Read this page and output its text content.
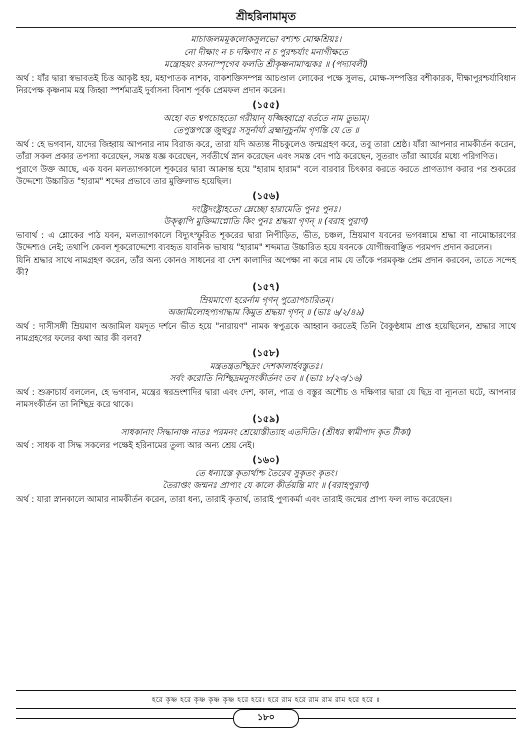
শ্রীহরিনামামৃত

মাচাজলমমূকলোকসুলভো বশ্যশ্চ মোক্ষশ্রিয়ঃ।

নো দীক্ষাং ন চ দক্ষিণাং ন চ পুরশ্চর্যাং মনাগীক্ষতে

মন্ত্রোহয়ং রসনাস্পৃগেব ফলতি শ্রীকৃষ্ণনামাত্মকঃ ॥ (পদ্যাবলী)

অর্থ : যাঁর দ্বারা স্বভাবতই চিত্ত আকৃষ্ট হয়, মহাপাতক নাশক, বাকশক্তিসম্পন্ন আচণ্ডাল লোকের পক্ষে সুলভ, মোক্ষ-সম্পত্তির বশীকারক, দীক্ষাপুরশ্চর্যাবিধান নিরপেক্ষ কৃষ্ণনাম মন্ত্র জিহ্বা স্পর্শমাত্রই দুর্বাসনা বিনাশ পূর্বক প্রেমফল প্রদান করেন।

(১৫৫)

অহো বত শ্বপচোহতো গরীয়ান্ যজ্জিহ্বাগ্রে বর্ততে নাম তুভ্যম্।

তেপুস্তপস্তে জুহুবুঃ সসুর্নার্যা ব্রহ্মানূচুর্নাম গৃণন্তি যে তে ॥

অর্থ : হে ভগবান, যাদের জিহ্বায় আপনার নাম বিরাজ করে, তারা যদি অত্যন্ত নীচকুলেও জন্মগ্রহণ করে, তবু তারা শ্রেষ্ঠ। যাঁরা আপনার নামকীর্তন করেন, তাঁরা সকল প্রকার তপস্যা করেছেন, সমস্ত যজ্ঞ করেছেন, সর্বতীর্থে স্নান করেছেন এবং সমস্ত বেদ পাঠ করেছেন, সুতরাং তাঁরা আর্যের মধ্যে পরিগণিত।

পুরাণে উক্ত আছে, এক যবন মলত্যাগকালে শূকরের দ্বারা আক্রান্ত হয়ে "হারাম হারাম" বলে বারবার চিৎকার করতে করতে প্রাণত্যাগ করার পর শুকরের উদ্দেশ্যে উচ্চারিত "হারাম" শব্দের প্রভাবে তার মুক্তিলাভ হয়েছিল।

(১৫৬)

দংষ্ট্রিদংষ্ট্রাহতো ম্লেচ্ছো হারামেতি পুনঃ পুনঃ।

উক্ত্বাপি মুক্তিমাপ্নোতি কিং পুনঃ শ্রদ্ধয়া গৃণন্ ॥ (বরাহ পুরাণ)

ভাবার্থ : এ শ্লোকের পাঠ যবন, মলত্যাগকালে বিদ্যুৎস্ফুরিত শূকরের দ্বারা নিপীড়িত, ভীত, চঞ্চল, ম্রিয়মাণ যবনের ভগবন্নামে শ্রদ্ধা বা নামোচ্চারণের উদ্দেশ্যও নেই; তথাপি কেবল শূকরোদ্দেশ্যে ব্যবহৃত যাবনিক ভাষায় "হারাম" শব্দমাত্র উচ্চারিত হয়ে যবনকে যোগীন্দ্রবাঞ্ছিত পরমপদ প্রদান করলেন।

যিনি শ্রদ্ধার সাথে নামগ্রহণ করেন, তাঁর অন্য কোনও সাধনের বা দেশ কালাদির অপেক্ষা না করে নাম যে তাঁকে পরমকৃষ্ণ প্রেম প্রদান করবেন, তাতে সন্দেহ কী?

(১৫৭)

ম্রিয়মাণো হরের্নাম গৃণন্ পুত্রোপচারিতম্।

অজামিলোহপ্যগাদ্ধাম কিমুত শ্রদ্ধয়া গৃণন্ ॥ (ভাঃ ৬/২/৪৯)

অর্থ : দাসীসঙ্গী ম্রিয়মাণ অজামিল যমদূত দর্শনে ভীত হয়ে "নারায়ণ" নামক স্বপুত্রকে আহ্বান করতেই তিনি বৈকুণ্ঠধাম প্রাপ্ত হয়েছিলেন, শ্রদ্ধার সাথে নামগ্রহণের ফলের কথা আর কী বলব?

(১৫৮)

মন্ত্রতন্ত্রতশ্ছিদ্রং দেশকালার্হবস্তুতঃ।

সর্বং করোতি নিশ্ছিদ্রমনুসংকীর্তনং তব ॥ (ভাঃ ৮/২৩/১৬)

অর্থ : শুক্রাচার্য বললেন, হে ভগবান, মন্ত্রের স্বরভ্রংশাদির দ্বারা এবং দেশ, কাল, পাত্র ও বস্তুর অশৌচ ও দক্ষিণার দ্বারা যে ছিদ্র বা ন্যূনতা ঘটে, আপনার নামসংকীর্তন তা নিশ্ছিদ্র করে থাকে।

(১৫৯)

সাধকানাং সিদ্ধানাঞ্চ নাতঃ পরমনং শ্রেয়োস্তীত্যাহ এতদিতি। (শ্রীধর স্বামীপাদ কৃত টীকা)

অর্থ : সাধক বা সিদ্ধ সকলের পক্ষেই হরিনামের তুল্য আর অন্য শ্রেয় নেই।

(১৬০)

তে ধন্যাস্তে কৃতার্থাশ্চ তৈরেব সুকৃতং কৃতং।

তৈরাপ্তং জন্মনঃ প্রাপ্যং যে কালে কীর্তয়ন্তি মাং ॥ (বরাহপুরাণ)

অর্থ : যারা স্নানকালে আমার নামকীর্তন করেন, তারা ধন্য, তারাই কৃতার্থ, তারাই পুণ্যকর্মা এবং তারাই জন্মের প্রাপ্য ফল লাভ করেছেন।

হরে কৃষ্ণ হরে কৃষ্ণ কৃষ্ণ কৃষ্ণ হরে হরে। হরে রাম হরে রাম রাম রাম হরে হরে ॥
১৮০
